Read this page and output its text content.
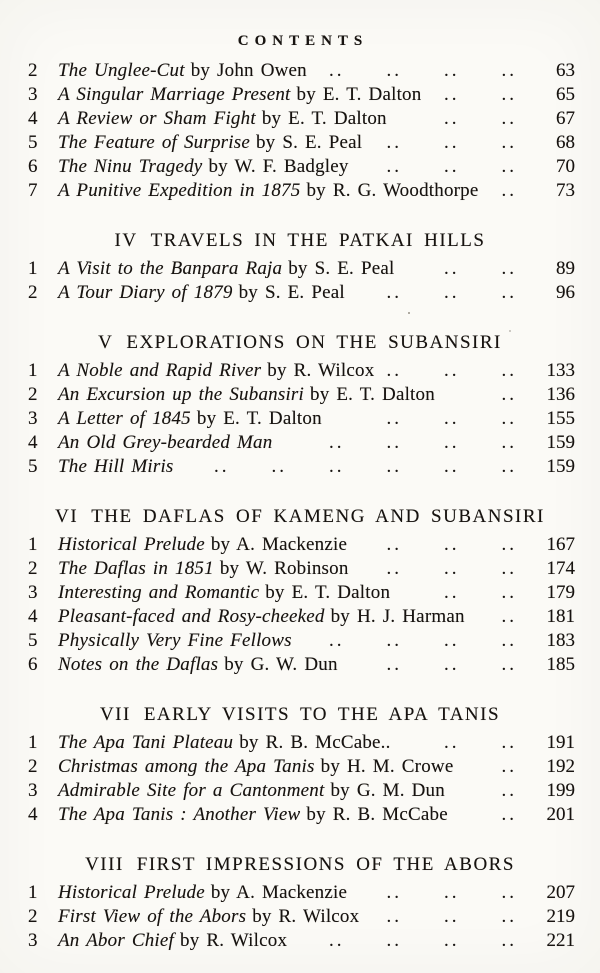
CONTENTS
2	The Unglee-Cut by John Owen .. .. .. ..	63
3	A Singular Marriage Present by E. T. Dalton .. ..	65
4	A Review or Sham Fight by E. T. Dalton	.. ..	67
5	The Feature of Surprise by S. E. Peal .. .. ..	68
6	The Ninu Tragedy by W. F. Badgley .. .. ..	70
7	A Punitive Expedition in 1875 by R. G. Woodthorpe ..	73
IV TRAVELS IN THE PATKAI HILLS
1	A Visit to the Banpara Raja by S. E. Peal	.. ..	89
2	A Tour Diary of 1879 by S. E. Peal .. .. ..	96
V EXPLORATIONS ON THE SUBANSIRI
1	A Noble and Rapid River by R. Wilcox .. .. ..	133
2	An Excursion up the Subansiri by E. T. Dalton	..	136
3	A Letter of 1845 by E. T. Dalton	.. .. ..	155
4	An Old Grey-bearded Man	.. .. .. ..	159
5	The Hill Miris .. .. .. .. .. ..	159
VI THE DAFLAS OF KAMENG AND SUBANSIRI
1	Historical Prelude by A. Mackenzie .. .. ..	167
2	The Daflas in 1851 by W. Robinson .. .. ..	174
3	Interesting and Romantic by E. T. Dalton	.. ..	179
4	Pleasant-faced and Rosy-cheeked by H. J. Harman ..	181
5	Physically Very Fine Fellows .. .. .. ..	183
6	Notes on the Daflas by G. W. Dun	.. .. ..	185
VII EARLY VISITS TO THE APA TANIS
1	The Apa Tani Plateau by R. B. McCabe..	.. ..	191
2	Christmas among the Apa Tanis by H. M. Crowe	..	192
3	Admirable Site for a Cantonment by G. M. Dun	..	199
4	The Apa Tanis : Another View by R. B. McCabe	..	201
VIII FIRST IMPRESSIONS OF THE ABORS
1	Historical Prelude by A. Mackenzie .. .. ..	207
2	First View of the Abors by R. Wilcox .. .. ..	219
3	An Abor Chief by R. Wilcox .. .. .. ..	221
